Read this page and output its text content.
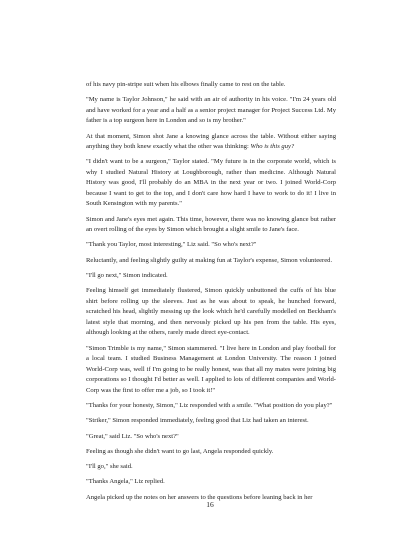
of his navy pin-stripe suit when his elbows finally came to rest on the table.

"My name is Taylor Johnson," he said with an air of authority in his voice. "I'm 24 years old and have worked for a year and a half as a senior project manager for Project Success Ltd. My father is a top surgeon here in London and so is my brother."

At that moment, Simon shot Jane a knowing glance across the table. Without either saying anything they both knew exactly what the other was thinking: Who is this guy?

"I didn't want to be a surgeon," Taylor stated. "My future is in the corporate world, which is why I studied Natural History at Loughborough, rather than medicine. Although Natural History was good, I'll probably do an MBA in the next year or two. I joined World-Corp because I want to get to the top, and I don't care how hard I have to work to do it! I live in South Kensington with my parents."

Simon and Jane's eyes met again. This time, however, there was no knowing glance but rather an overt rolling of the eyes by Simon which brought a slight smile to Jane's face.

"Thank you Taylor, most interesting," Liz said. "So who's next?"

Reluctantly, and feeling slightly guilty at making fun at Taylor's expense, Simon volunteered.

"I'll go next," Simon indicated.

Feeling himself get immediately flustered, Simon quickly unbuttoned the cuffs of his blue shirt before rolling up the sleeves. Just as he was about to speak, he hunched forward, scratched his head, slightly messing up the look which he'd carefully modelled on Beckham's latest style that morning, and then nervously picked up his pen from the table. His eyes, although looking at the others, rarely made direct eye-contact.

"Simon Trimble is my name," Simon stammered. "I live here in London and play football for a local team. I studied Business Management at London University. The reason I joined World-Corp was, well if I'm going to be really honest, was that all my mates were joining big corporations so I thought I'd better as well. I applied to lots of different companies and World-Corp was the first to offer me a job, so I took it!"

"Thanks for your honesty, Simon," Liz responded with a smile. "What position do you play?"

"Striker," Simon responded immediately, feeling good that Liz had taken an interest.

"Great," said Liz. "So who's next?"

Feeling as though she didn't want to go last, Angela responded quickly.

"I'll go," she said.

"Thanks Angela," Liz replied.

Angela picked up the notes on her answers to the questions before leaning back in her

16
